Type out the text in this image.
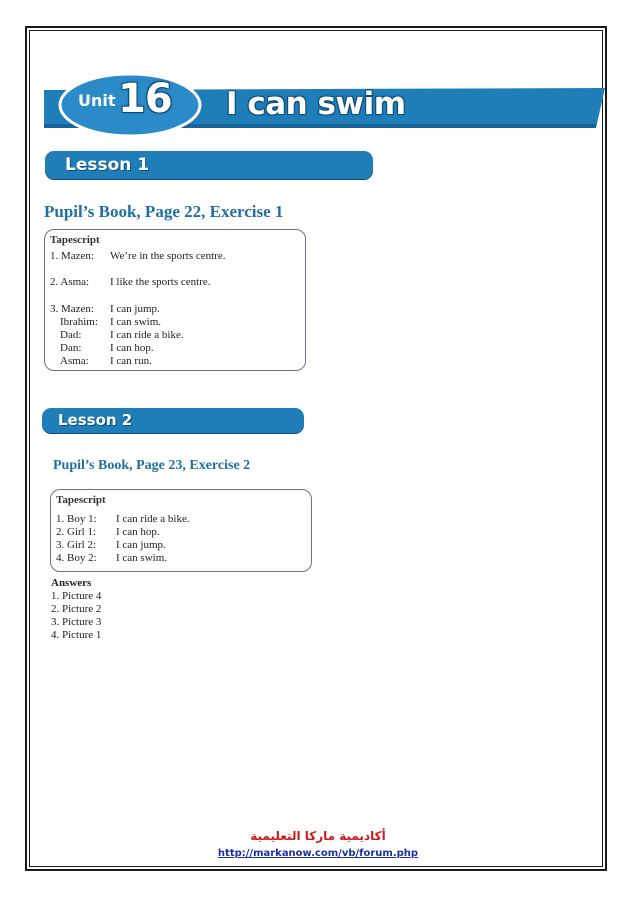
Unit 16 I can swim
Lesson 1
Pupil’s Book, Page 22, Exercise 1
Tapescript
1. Mazen: We’re in the sports centre.
2. Asma: I like the sports centre.
3. Mazen: I can jump.
Ibrahim: I can swim.
Dad:	I can ride a bike.
Dan:	I can hop.
Asma: I can run.
Lesson 2
Pupil’s Book, Page 23, Exercise 2
Tapescript
1. Boy 1: I can ride a bike.
2. Girl 1: I can hop.
3. Girl 2: I can jump.
4. Boy 2: I can swim.
Answers
1. Picture 4
2. Picture 2
3. Picture 3
4. Picture 1
أكاديمية ماركا التعليمية
http://markanow.com/vb/forum.php
